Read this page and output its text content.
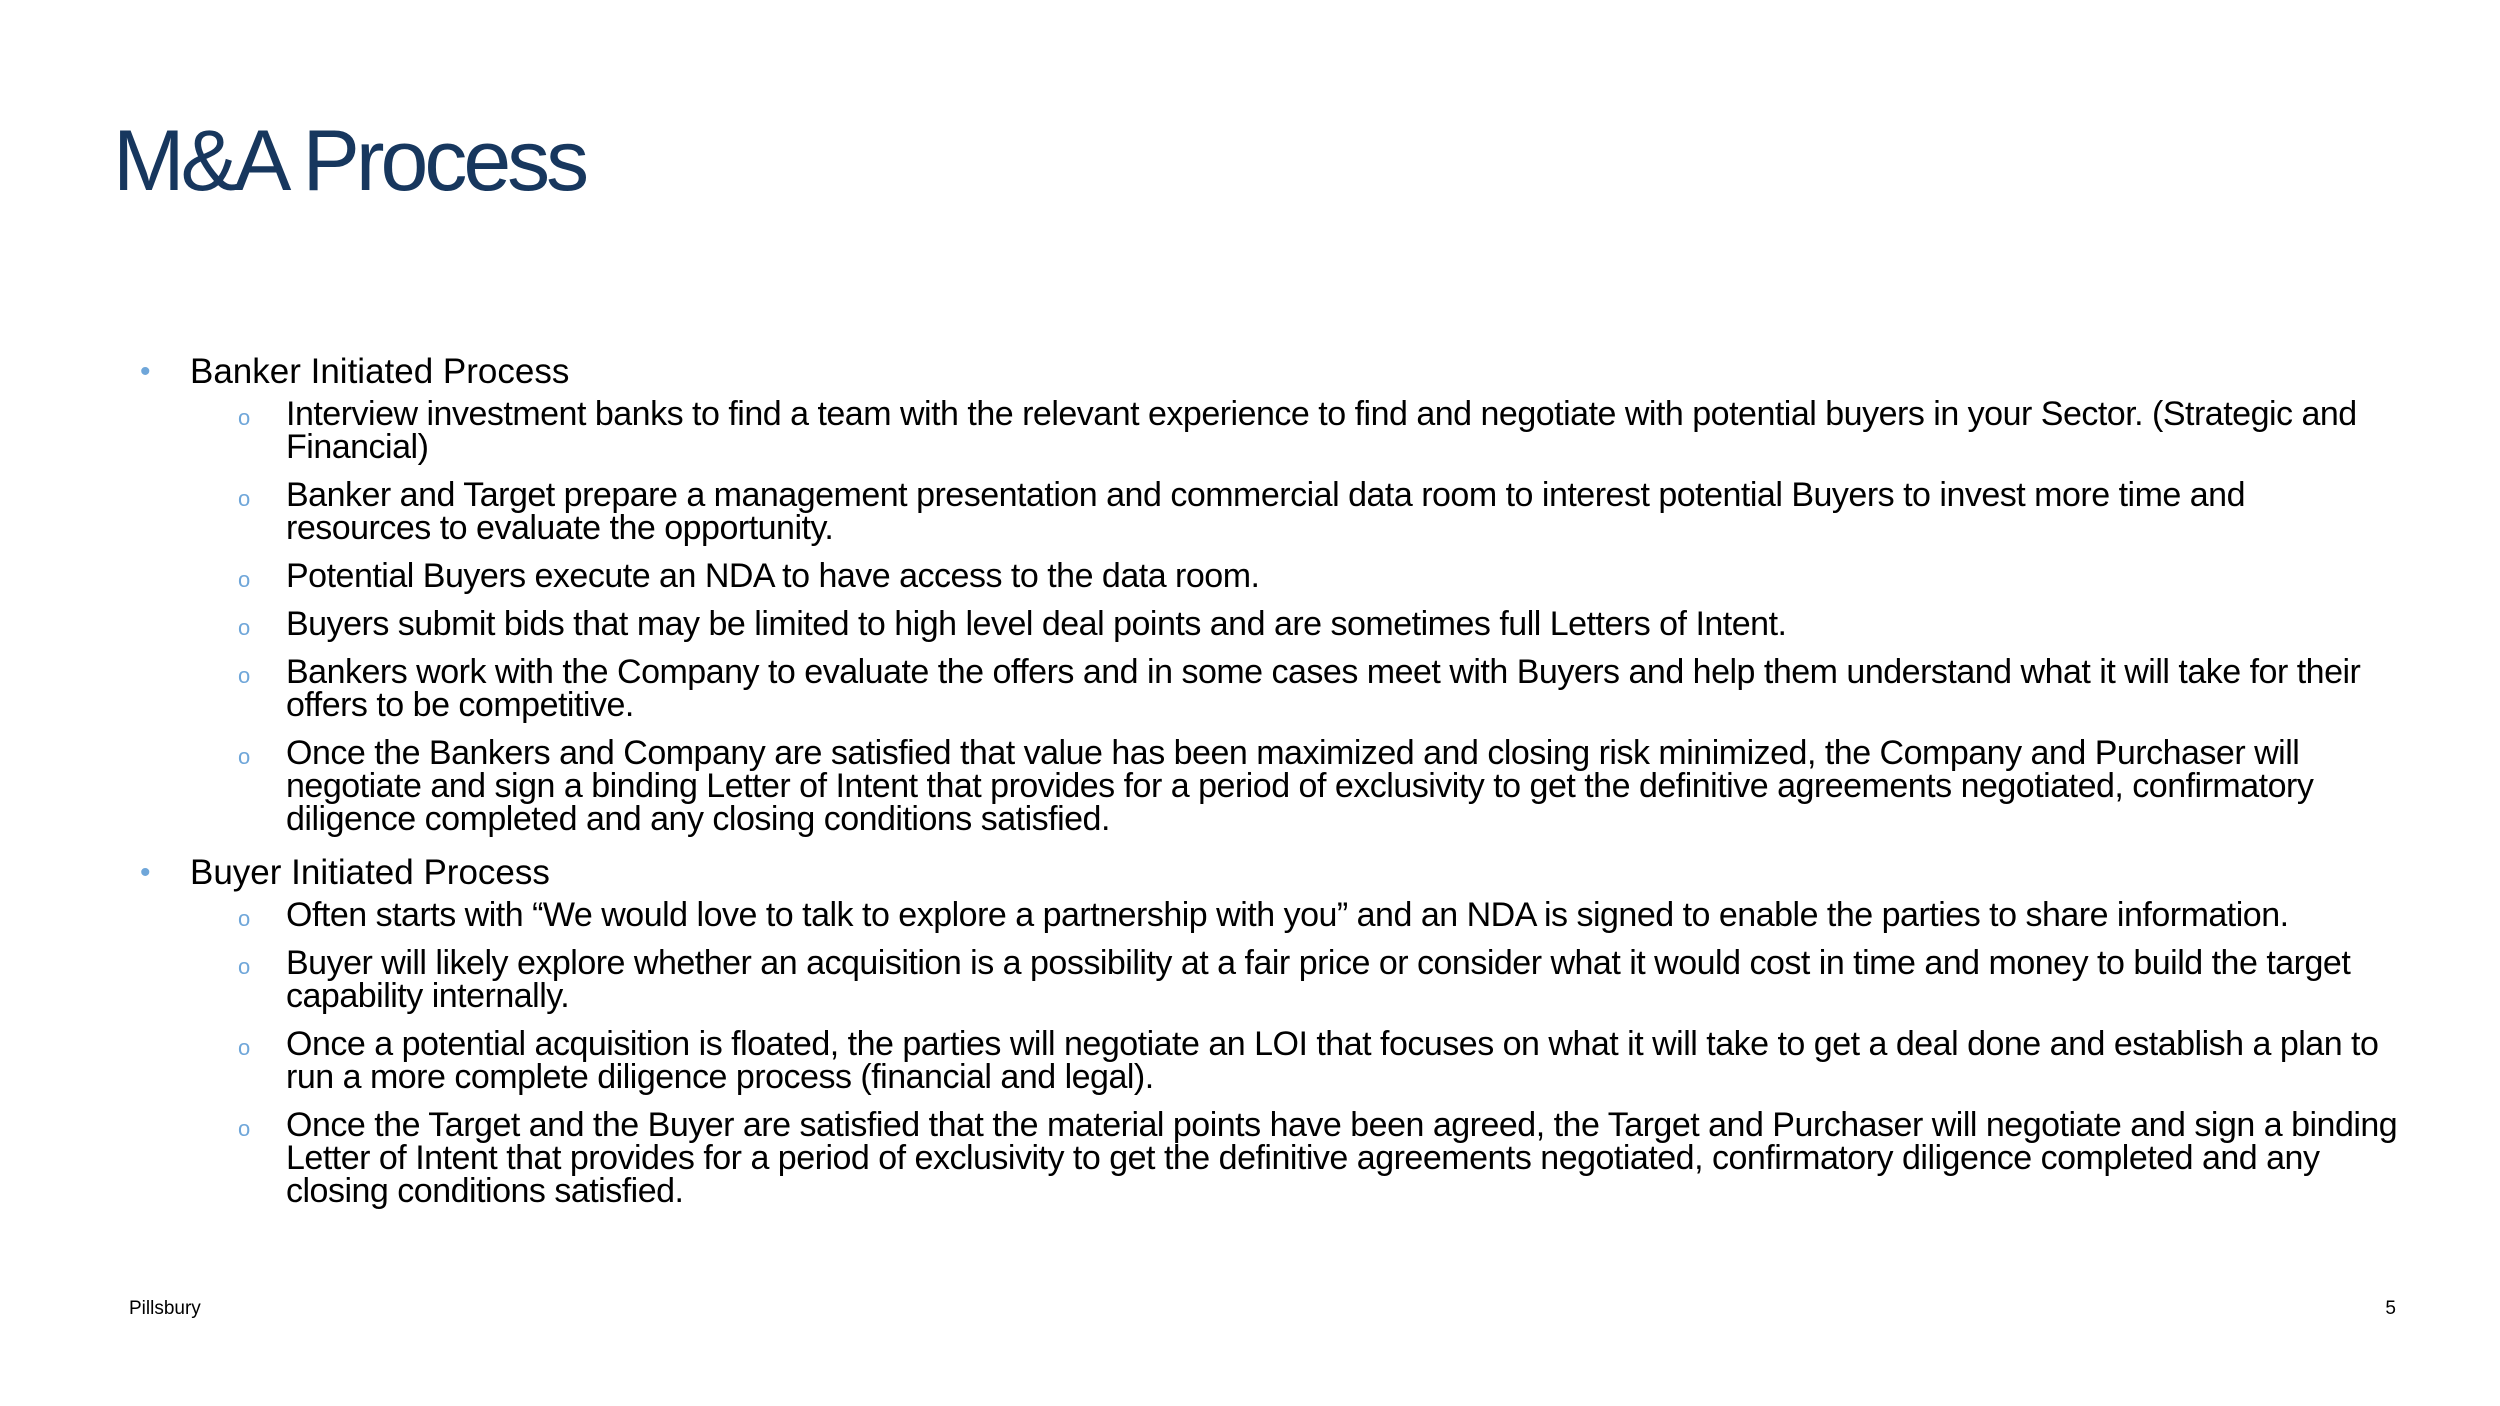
M&A Process
• Banker Initiated Process
o Interview investment banks to find a team with the relevant experience to find and negotiate with potential buyers in your Sector. (Strategic and Financial)
o Banker and Target prepare a management presentation and commercial data room to interest potential Buyers to invest more time and resources to evaluate the opportunity.
o Potential Buyers execute an NDA to have access to the data room.
o Buyers submit bids that may be limited to high level deal points and are sometimes full Letters of Intent.
o Bankers work with the Company to evaluate the offers and in some cases meet with Buyers and help them understand what it will take for their offers to be competitive.
o Once the Bankers and Company are satisfied that value has been maximized and closing risk minimized, the Company and Purchaser will negotiate and sign a binding Letter of Intent that provides for a period of exclusivity to get the definitive agreements negotiated, confirmatory diligence completed and any closing conditions satisfied.
• Buyer Initiated Process
o Often starts with “We would love to talk to explore a partnership with you” and an NDA is signed to enable the parties to share information.
o Buyer will likely explore whether an acquisition is a possibility at a fair price or consider what it would cost in time and money to build the target capability internally.
o Once a potential acquisition is floated, the parties will negotiate an LOI that focuses on what it will take to get a deal done and establish a plan to run a more complete diligence process (financial and legal).
o Once the Target and the Buyer are satisfied that the material points have been agreed, the Target and Purchaser will negotiate and sign a binding Letter of Intent that provides for a period of exclusivity to get the definitive agreements negotiated, confirmatory diligence completed and any closing conditions satisfied.
Pillsbury	5
